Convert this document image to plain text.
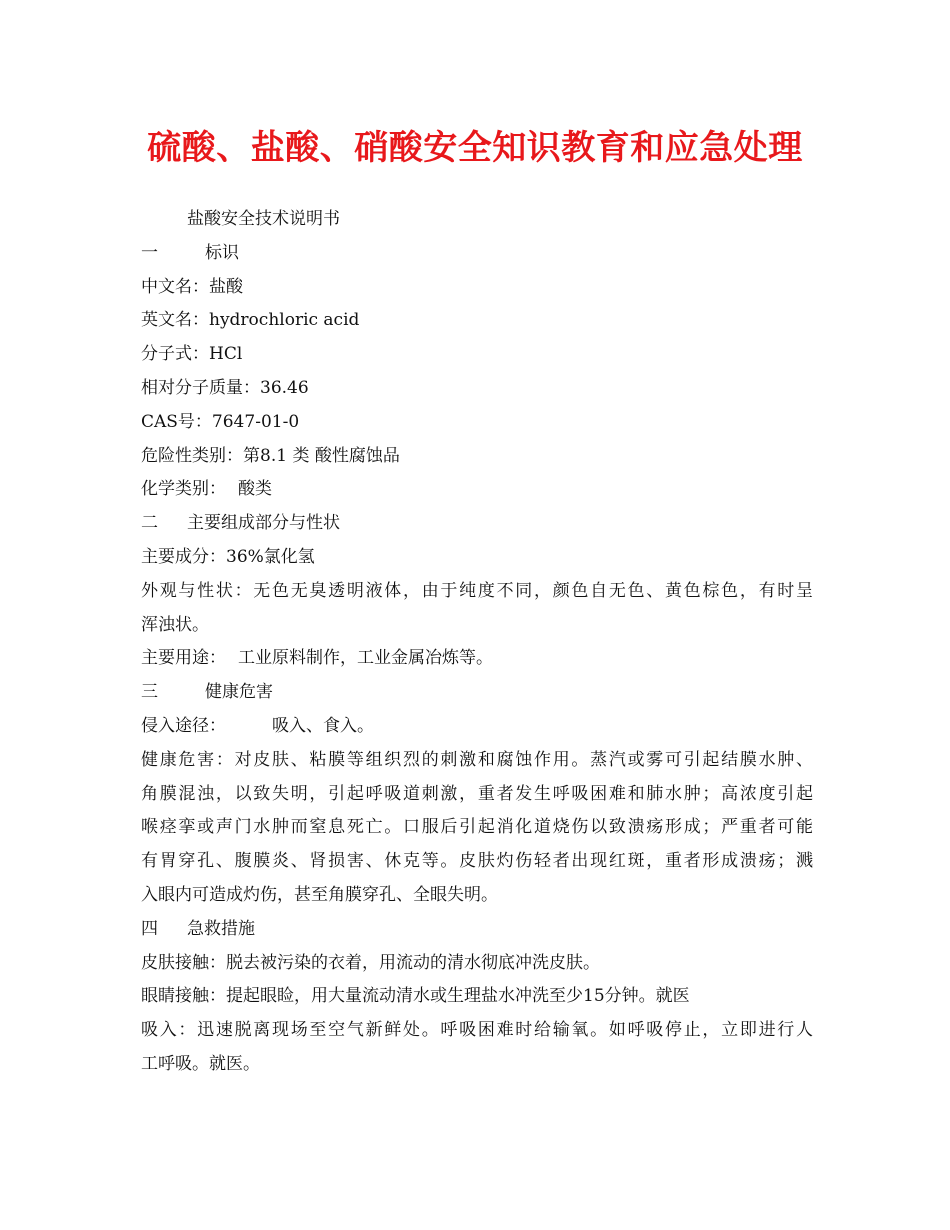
硫酸、盐酸、硝酸安全知识教育和应急处理
盐酸安全技术说明书
一	标识
中文名：盐酸
英文名：hydrochloric acid
分子式：HCl
相对分子质量：36.46
CAS号：7647-01-0
危险性类别：第8.1 类 酸性腐蚀品
化学类别： 酸类
二 主要组成部分与性状
主要成分：36%氯化氢
外观与性状：无色无臭透明液体，由于纯度不同，颜色自无色、黄色棕色，有时呈
浑浊状。
主要用途： 工业原料制作，工业金属冶炼等。
三	健康危害
侵入途径：	吸入、食入。
健康危害：对皮肤、粘膜等组织烈的刺激和腐蚀作用。蒸汽或雾可引起结膜水肿、
角膜混浊，以致失明，引起呼吸道刺激，重者发生呼吸困难和肺水肿；高浓度引起
喉痉挛或声门水肿而窒息死亡。口服后引起消化道烧伤以致溃疡形成；严重者可能
有胃穿孔、腹膜炎、肾损害、休克等。皮肤灼伤轻者出现红斑，重者形成溃疡；溅
入眼内可造成灼伤，甚至角膜穿孔、全眼失明。
四 急救措施
皮肤接触：脱去被污染的衣着，用流动的清水彻底冲洗皮肤。
眼睛接触：提起眼睑，用大量流动清水或生理盐水冲洗至少15分钟。就医
吸入：迅速脱离现场至空气新鲜处。呼吸困难时给输氧。如呼吸停止，立即进行人
工呼吸。就医。
